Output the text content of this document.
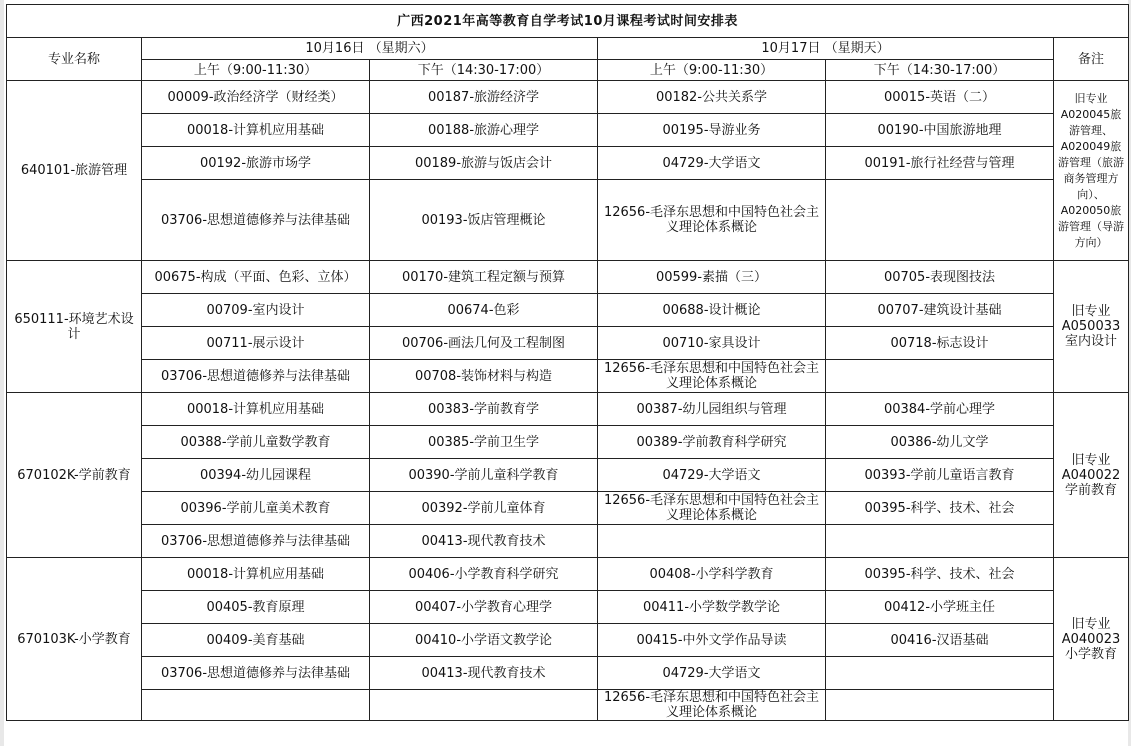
广西2021年高等教育自学考试10月课程考试时间安排表					
专业名称	10月16日 （星期六）		10月17日 （星期天）		备注
	上午（9:00-11:30）	下午（14:30-17:00）	上午（9:00-11:30）	下午（14:30-17:00）	
640101-旅游管理	00009-政治经济学（财经类）	00187-旅游经济学	00182-公共关系学	00015-英语（二）	旧专业A020045旅游管理、A020049旅游管理（旅游商务管理方向）、A020050旅游管理（导游方向）
	00018-计算机应用基础	00188-旅游心理学	00195-导游业务	00190-中国旅游地理	
	00192-旅游市场学	00189-旅游与饭店会计	04729-大学语文	00191-旅行社经营与管理	
	03706-思想道德修养与法律基础	00193-饭店管理概论	12656-毛泽东思想和中国特色社会主义理论体系概论		
650111-环境艺术设计	00675-构成（平面、色彩、立体）	00170-建筑工程定额与预算	00599-素描（三）	00705-表现图技法	旧专业A050033室内设计
	00709-室内设计	00674-色彩	00688-设计概论	00707-建筑设计基础	
	00711-展示设计	00706-画法几何及工程制图	00710-家具设计	00718-标志设计	
	03706-思想道德修养与法律基础	00708-装饰材料与构造	12656-毛泽东思想和中国特色社会主义理论体系概论		
670102K-学前教育	00018-计算机应用基础	00383-学前教育学	00387-幼儿园组织与管理	00384-学前心理学	旧专业A040022学前教育
	00388-学前儿童数学教育	00385-学前卫生学	00389-学前教育科学研究	00386-幼儿文学	
	00394-幼儿园课程	00390-学前儿童科学教育	04729-大学语文	00393-学前儿童语言教育	
	00396-学前儿童美术教育	00392-学前儿童体育	12656-毛泽东思想和中国特色社会主义理论体系概论	00395-科学、技术、社会	
	03706-思想道德修养与法律基础	00413-现代教育技术			
670103K-小学教育	00018-计算机应用基础	00406-小学教育科学研究	00408-小学科学教育	00395-科学、技术、社会	旧专业A040023小学教育
	00405-教育原理	00407-小学教育心理学	00411-小学数学教学论	00412-小学班主任	
	00409-美育基础	00410-小学语文教学论	00415-中外文学作品导读	00416-汉语基础	
	03706-思想道德修养与法律基础	00413-现代教育技术	04729-大学语文		
			12656-毛泽东思想和中国特色社会主义理论体系概论		
